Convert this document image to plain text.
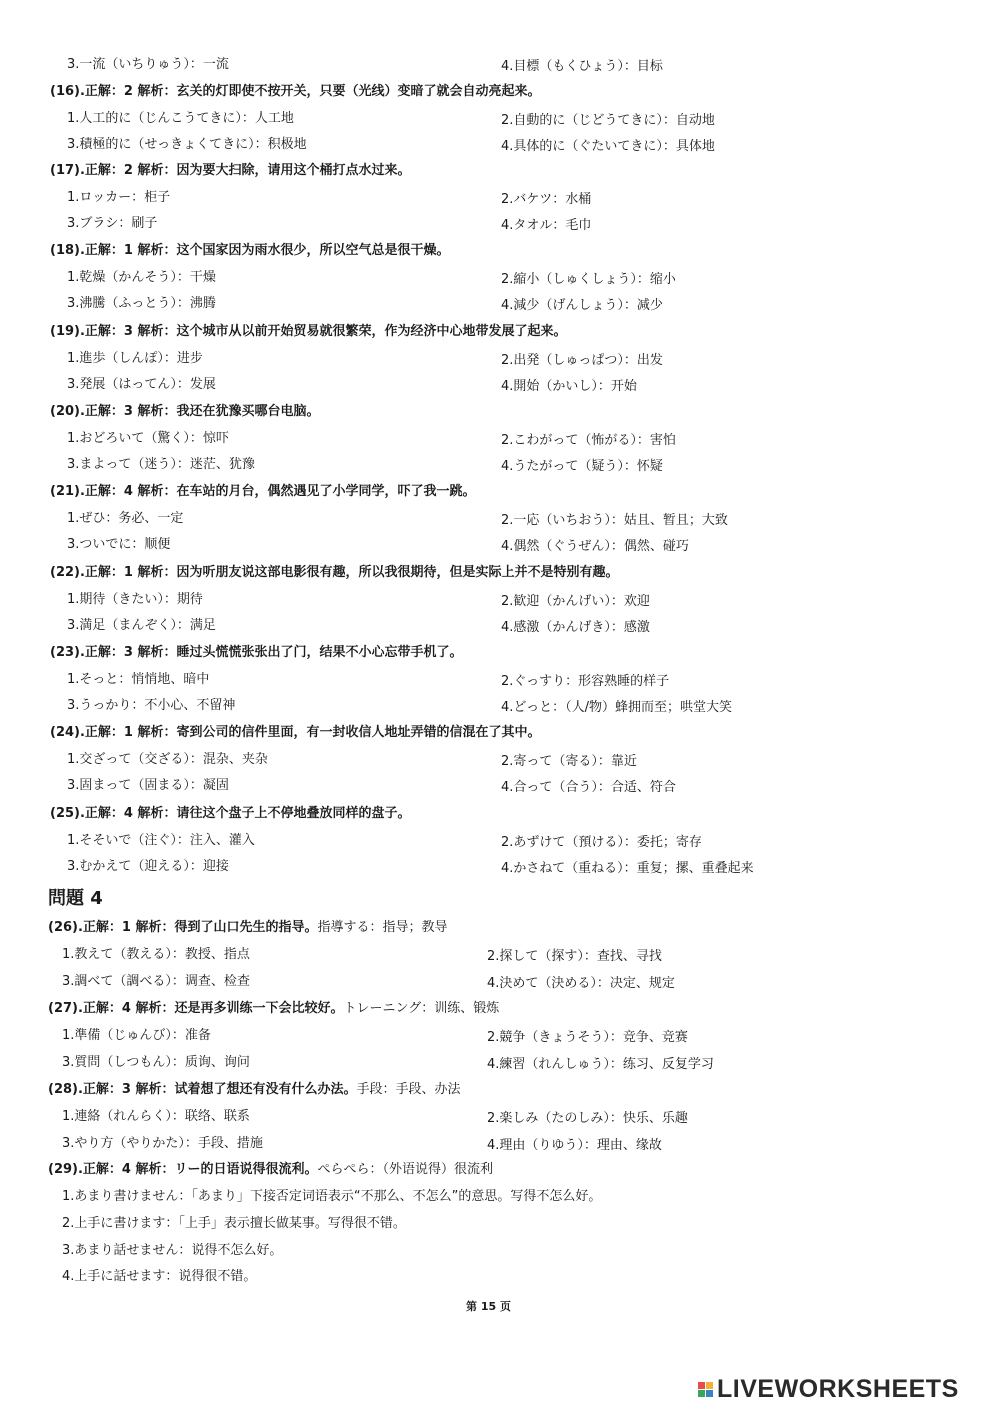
3.一流（いちりゅう）：一流	4.目標（もくひょう）：目标
(16).正解：2 解析：玄关的灯即使不按开关，只要（光线）变暗了就会自动亮起来。
1.人工的に（じんこうてきに）：人工地	2.自動的に（じどうてきに）：自动地
3.積極的に（せっきょくてきに）：积极地	4.具体的に（ぐたいてきに）：具体地
(17).正解：2 解析：因为要大扫除，请用这个桶打点水过来。
1.ロッカー：柜子	2.バケツ：水桶
3.ブラシ：刷子	4.タオル：毛巾
(18).正解：1 解析：这个国家因为雨水很少，所以空气总是很干燥。
1.乾燥（かんそう）：干燥	2.縮小（しゅくしょう）：缩小
3.沸騰（ふっとう）：沸腾	4.減少（げんしょう）：减少
(19).正解：3 解析：这个城市从以前开始贸易就很繁荣，作为经济中心地带发展了起来。
1.進歩（しんぽ）：进步	2.出発（しゅっぱつ）：出发
3.発展（はってん）：发展	4.開始（かいし）：开始
(20).正解：3 解析：我还在犹豫买哪台电脑。
1.おどろいて（驚く）：惊吓	2.こわがって（怖がる）：害怕
3.まよって（迷う）：迷茫、犹豫	4.うたがって（疑う）：怀疑
(21).正解：4 解析：在车站的月台，偶然遇见了小学同学，吓了我一跳。
1.ぜひ：务必、一定	2.一応（いちおう）：姑且、暂且；大致
3.ついでに：顺便	4.偶然（ぐうぜん）：偶然、碰巧
(22).正解：1 解析：因为听朋友说这部电影很有趣，所以我很期待，但是实际上并不是特别有趣。
1.期待（きたい）：期待	2.歓迎（かんげい）：欢迎
3.満足（まんぞく）：满足	4.感激（かんげき）：感激
(23).正解：3 解析：睡过头慌慌张张出了门，结果不小心忘带手机了。
1.そっと：悄悄地、暗中	2.ぐっすり：形容熟睡的样子
3.うっかり：不小心、不留神	4.どっと：（人/物）蜂拥而至；哄堂大笑
(24).正解：1 解析：寄到公司的信件里面，有一封收信人地址弄错的信混在了其中。
1.交ざって（交ざる）：混杂、夹杂	2.寄って（寄る）：靠近
3.固まって（固まる）：凝固	4.合って（合う）：合适、符合
(25).正解：4 解析：请往这个盘子上不停地叠放同样的盘子。
1.そそいで（注ぐ）：注入、灌入	2.あずけて（預ける）：委托；寄存
3.むかえて（迎える）：迎接	4.かさねて（重ねる）：重复；摞、重叠起来
問題 4
(26).正解：1 解析：得到了山口先生的指导。指導する：指导；教导
1.教えて（教える）：教授、指点	2.探して（探す）：查找、寻找
3.調べて（調べる）：调查、检查	4.決めて（決める）：决定、规定
(27).正解：4 解析：还是再多训练一下会比较好。トレーニング：训练、锻炼
1.準備（じゅんび）：准备	2.競争（きょうそう）：竞争、竞赛
3.質問（しつもん）：质询、询问	4.練習（れんしゅう）：练习、反复学习
(28).正解：3 解析：试着想了想还有没有什么办法。手段：手段、办法
1.連絡（れんらく）：联络、联系	2.楽しみ（たのしみ）：快乐、乐趣
3.やり方（やりかた）：手段、措施	4.理由（りゆう）：理由、缘故
(29).正解：4 解析：リー的日语说得很流利。ぺらぺら：（外语说得）很流利
1.あまり書けません：「あまり」下接否定词语表示“不那么、不怎么”的意思。写得不怎么好。
2.上手に書けます：「上手」表示擅长做某事。写得很不错。
3.あまり話せません：说得不怎么好。
4.上手に話せます：说得很不错。
第 15 页
LIVEWORKSHEETS
